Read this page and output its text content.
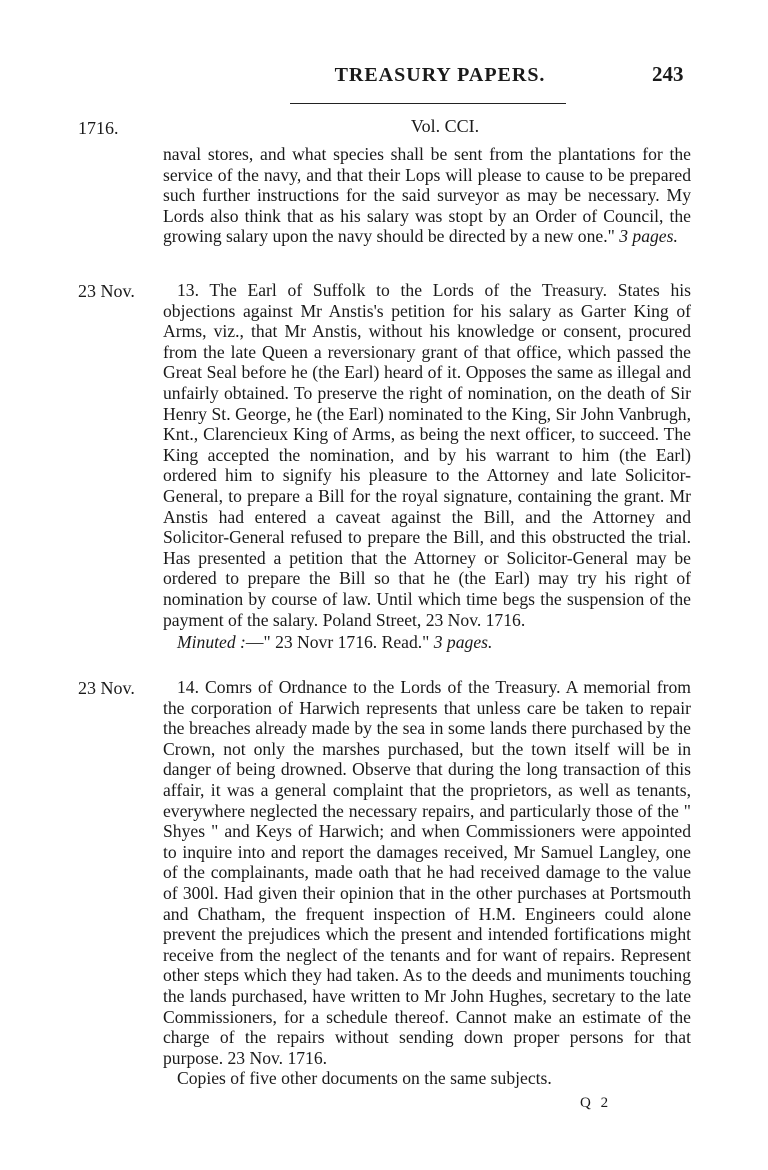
TREASURY PAPERS.	243
1716.	Vol. CCI.

naval stores, and what species shall be sent from the plantations for the service of the navy, and that their Lops will please to cause to be prepared such further instructions for the said surveyor as may be necessary. My Lords also think that as his salary was stopt by an Order of Council, the growing salary upon the navy should be directed by a new one." 3 pages.

23 Nov.	13. The Earl of Suffolk to the Lords of the Treasury. States his objections against Mr Anstis's petition for his salary as Garter King of Arms, viz., that Mr Anstis, without his knowledge or consent, procured from the late Queen a reversionary grant of that office, which passed the Great Seal before he (the Earl) heard of it. Opposes the same as illegal and unfairly obtained. To preserve the right of nomination, on the death of Sir Henry St. George, he (the Earl) nominated to the King, Sir John Vanbrugh, Knt., Clarencieux King of Arms, as being the next officer, to succeed. The King accepted the nomination, and by his warrant to him (the Earl) ordered him to signify his pleasure to the Attorney and late Solicitor-General, to prepare a Bill for the royal signature, containing the grant. Mr Anstis had entered a caveat against the Bill, and the Attorney and Solicitor-General refused to prepare the Bill, and this obstructed the trial. Has presented a petition that the Attorney or Solicitor-General may be ordered to prepare the Bill so that he (the Earl) may try his right of nomination by course of law. Until which time begs the suspension of the payment of the salary. Poland Street, 23 Nov. 1716.

Minuted :—" 23 Novr 1716. Read." 3 pages.

23 Nov.	14. Comrs of Ordnance to the Lords of the Treasury. A memorial from the corporation of Harwich represents that unless care be taken to repair the breaches already made by the sea in some lands there purchased by the Crown, not only the marshes purchased, but the town itself will be in danger of being drowned. Observe that during the long transaction of this affair, it was a general complaint that the proprietors, as well as tenants, everywhere neglected the necessary repairs, and particularly those of the " Shyes " and Keys of Harwich; and when Commissioners were appointed to inquire into and report the damages received, Mr Samuel Langley, one of the complainants, made oath that he had received damage to the value of 300l. Had given their opinion that in the other purchases at Portsmouth and Chatham, the frequent inspection of H.M. Engineers could alone prevent the prejudices which the present and intended fortifications might receive from the neglect of the tenants and for want of repairs. Represent other steps which they had taken. As to the deeds and muniments touching the lands purchased, have written to Mr John Hughes, secretary to the late Commissioners, for a schedule thereof. Cannot make an estimate of the charge of the repairs without sending down proper persons for that purpose. 23 Nov. 1716.

Copies of five other documents on the same subjects.

Q 2
